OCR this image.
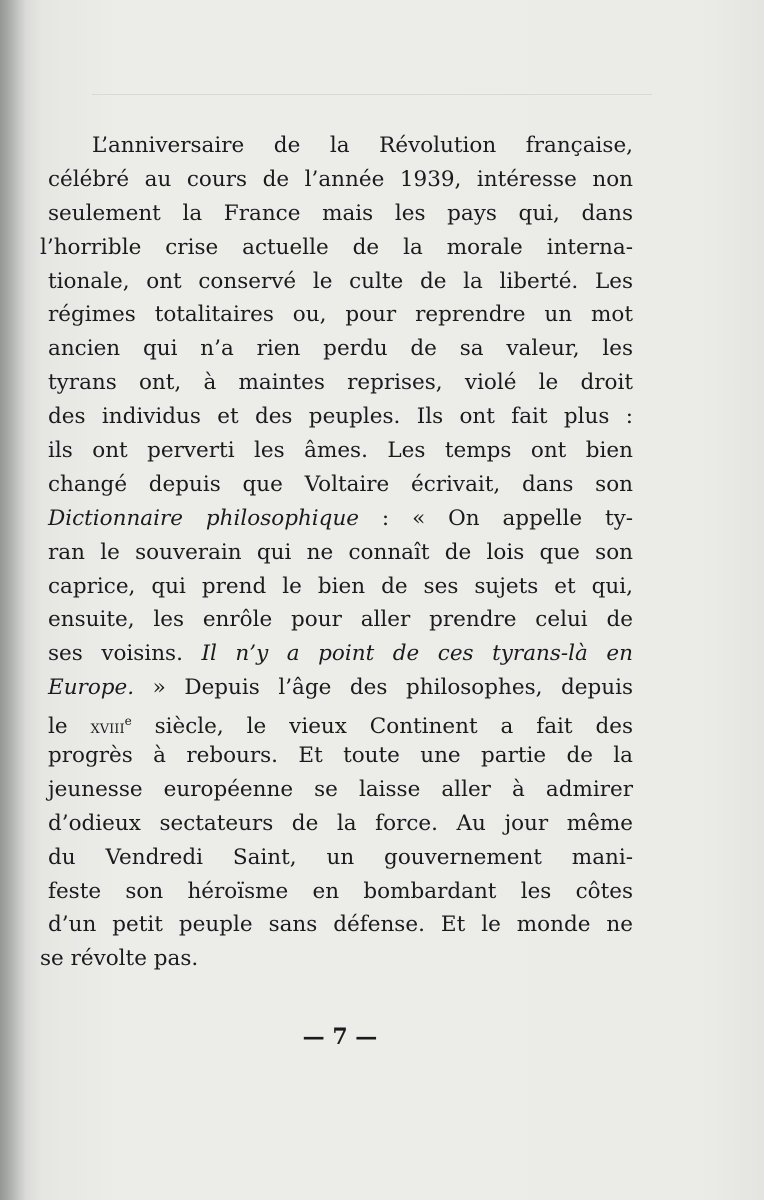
L’anniversaire de la Révolution française,
célébré au cours de l’année 1939, intéresse non
seulement la France mais les pays qui, dans
l’horrible crise actuelle de la morale interna-
tionale, ont conservé le culte de la liberté. Les
régimes totalitaires ou, pour reprendre un mot
ancien qui n’a rien perdu de sa valeur, les
tyrans ont, à maintes reprises, violé le droit
des individus et des peuples. Ils ont fait plus :
ils ont perverti les âmes. Les temps ont bien
changé depuis que Voltaire écrivait, dans son
Dictionnaire philosophique : « On appelle ty-
ran le souverain qui ne connaît de lois que son
caprice, qui prend le bien de ses sujets et qui,
ensuite, les enrôle pour aller prendre celui de
ses voisins. Il n’y a point de ces tyrans-là en
Europe. » Depuis l’âge des philosophes, depuis
le xviii$^e$ siècle, le vieux Continent a fait des
progrès à rebours. Et toute une partie de la
jeunesse européenne se laisse aller à admirer
d’odieux sectateurs de la force. Au jour même
du Vendredi Saint, un gouvernement mani-
feste son héroïsme en bombardant les côtes
d’un petit peuple sans défense. Et le monde ne
se révolte pas.
— 7 —
